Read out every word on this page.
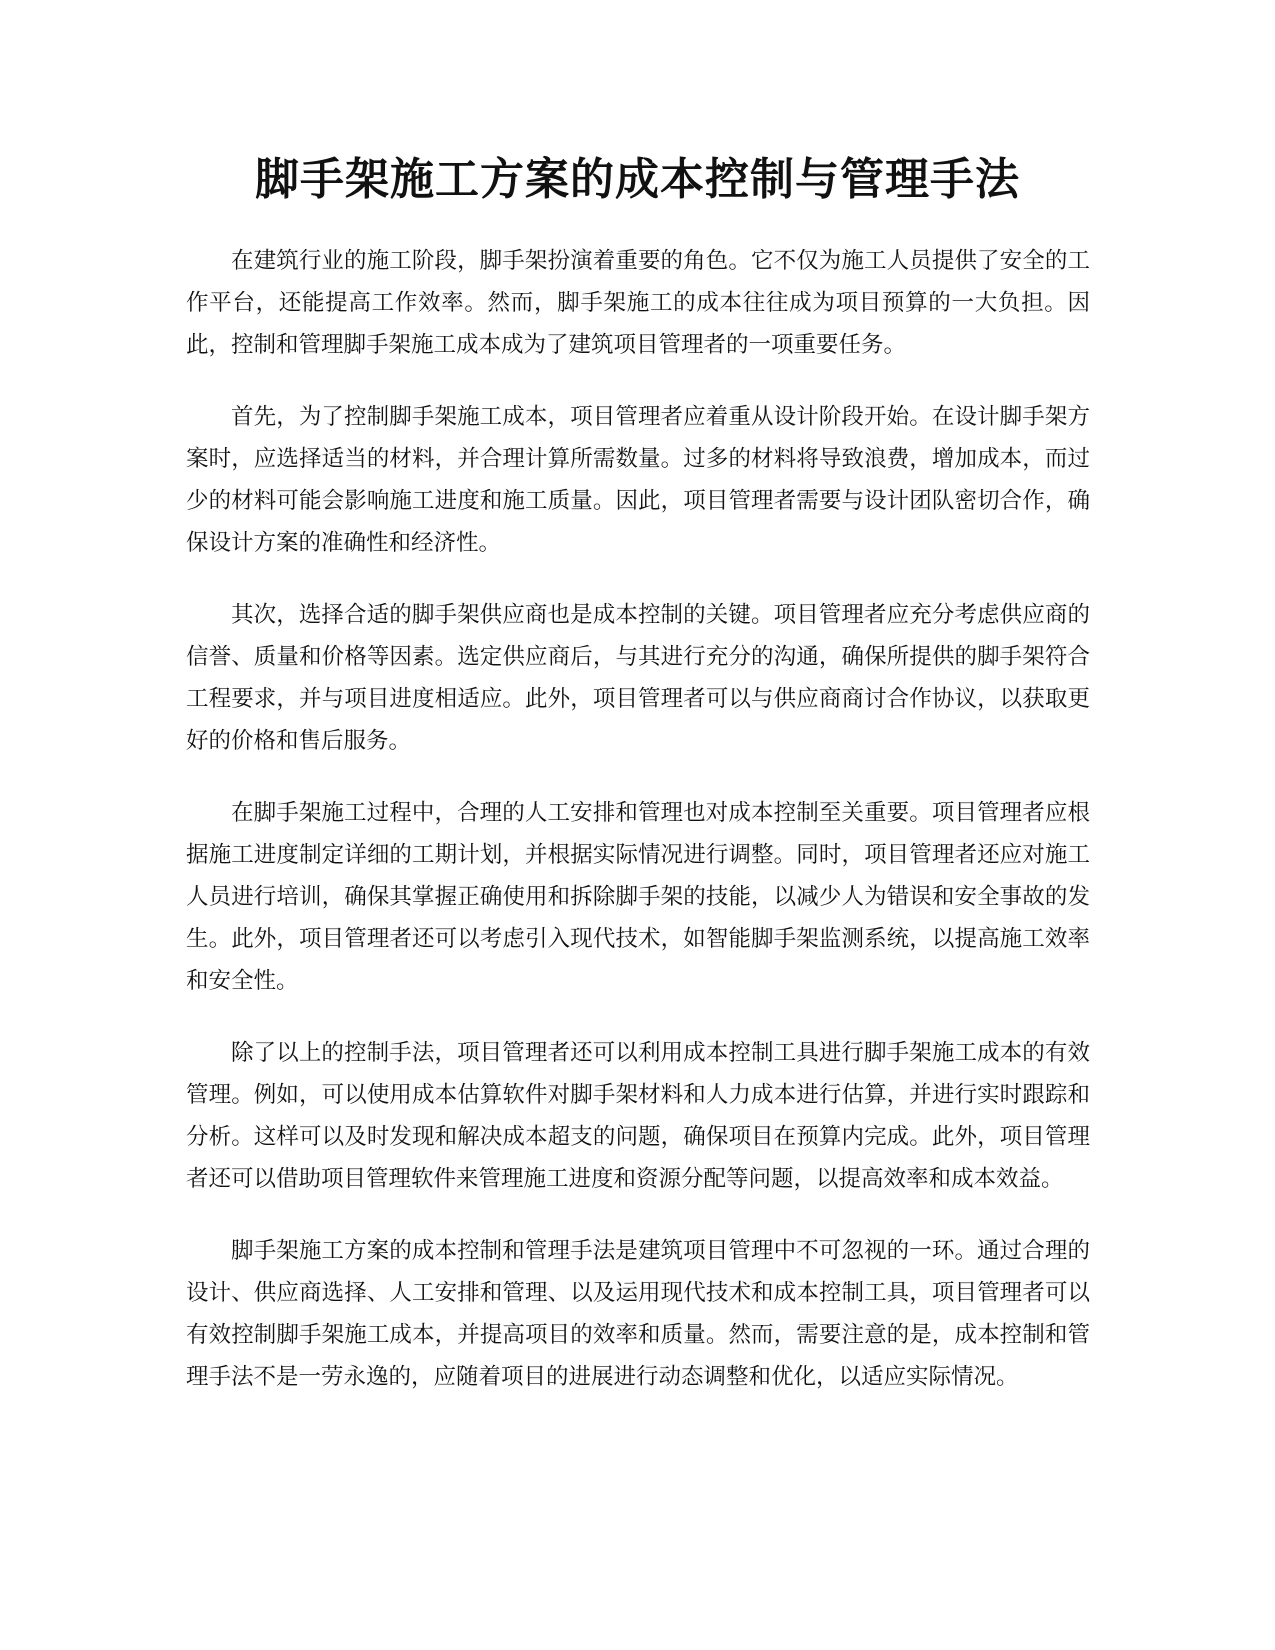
脚手架施工方案的成本控制与管理手法

在建筑行业的施工阶段，脚手架扮演着重要的角色。它不仅为施工人员提供了安全的工作平台，还能提高工作效率。然而，脚手架施工的成本往往成为项目预算的一大负担。因此，控制和管理脚手架施工成本成为了建筑项目管理者的一项重要任务。

首先，为了控制脚手架施工成本，项目管理者应着重从设计阶段开始。在设计脚手架方案时，应选择适当的材料，并合理计算所需数量。过多的材料将导致浪费，增加成本，而过少的材料可能会影响施工进度和施工质量。因此，项目管理者需要与设计团队密切合作，确保设计方案的准确性和经济性。

其次，选择合适的脚手架供应商也是成本控制的关键。项目管理者应充分考虑供应商的信誉、质量和价格等因素。选定供应商后，与其进行充分的沟通，确保所提供的脚手架符合工程要求，并与项目进度相适应。此外，项目管理者可以与供应商商讨合作协议，以获取更好的价格和售后服务。

在脚手架施工过程中，合理的人工安排和管理也对成本控制至关重要。项目管理者应根据施工进度制定详细的工期计划，并根据实际情况进行调整。同时，项目管理者还应对施工人员进行培训，确保其掌握正确使用和拆除脚手架的技能，以减少人为错误和安全事故的发生。此外，项目管理者还可以考虑引入现代技术，如智能脚手架监测系统，以提高施工效率和安全性。

除了以上的控制手法，项目管理者还可以利用成本控制工具进行脚手架施工成本的有效管理。例如，可以使用成本估算软件对脚手架材料和人力成本进行估算，并进行实时跟踪和分析。这样可以及时发现和解决成本超支的问题，确保项目在预算内完成。此外，项目管理者还可以借助项目管理软件来管理施工进度和资源分配等问题，以提高效率和成本效益。

脚手架施工方案的成本控制和管理手法是建筑项目管理中不可忽视的一环。通过合理的设计、供应商选择、人工安排和管理、以及运用现代技术和成本控制工具，项目管理者可以有效控制脚手架施工成本，并提高项目的效率和质量。然而，需要注意的是，成本控制和管理手法不是一劳永逸的，应随着项目的进展进行动态调整和优化，以适应实际情况。
